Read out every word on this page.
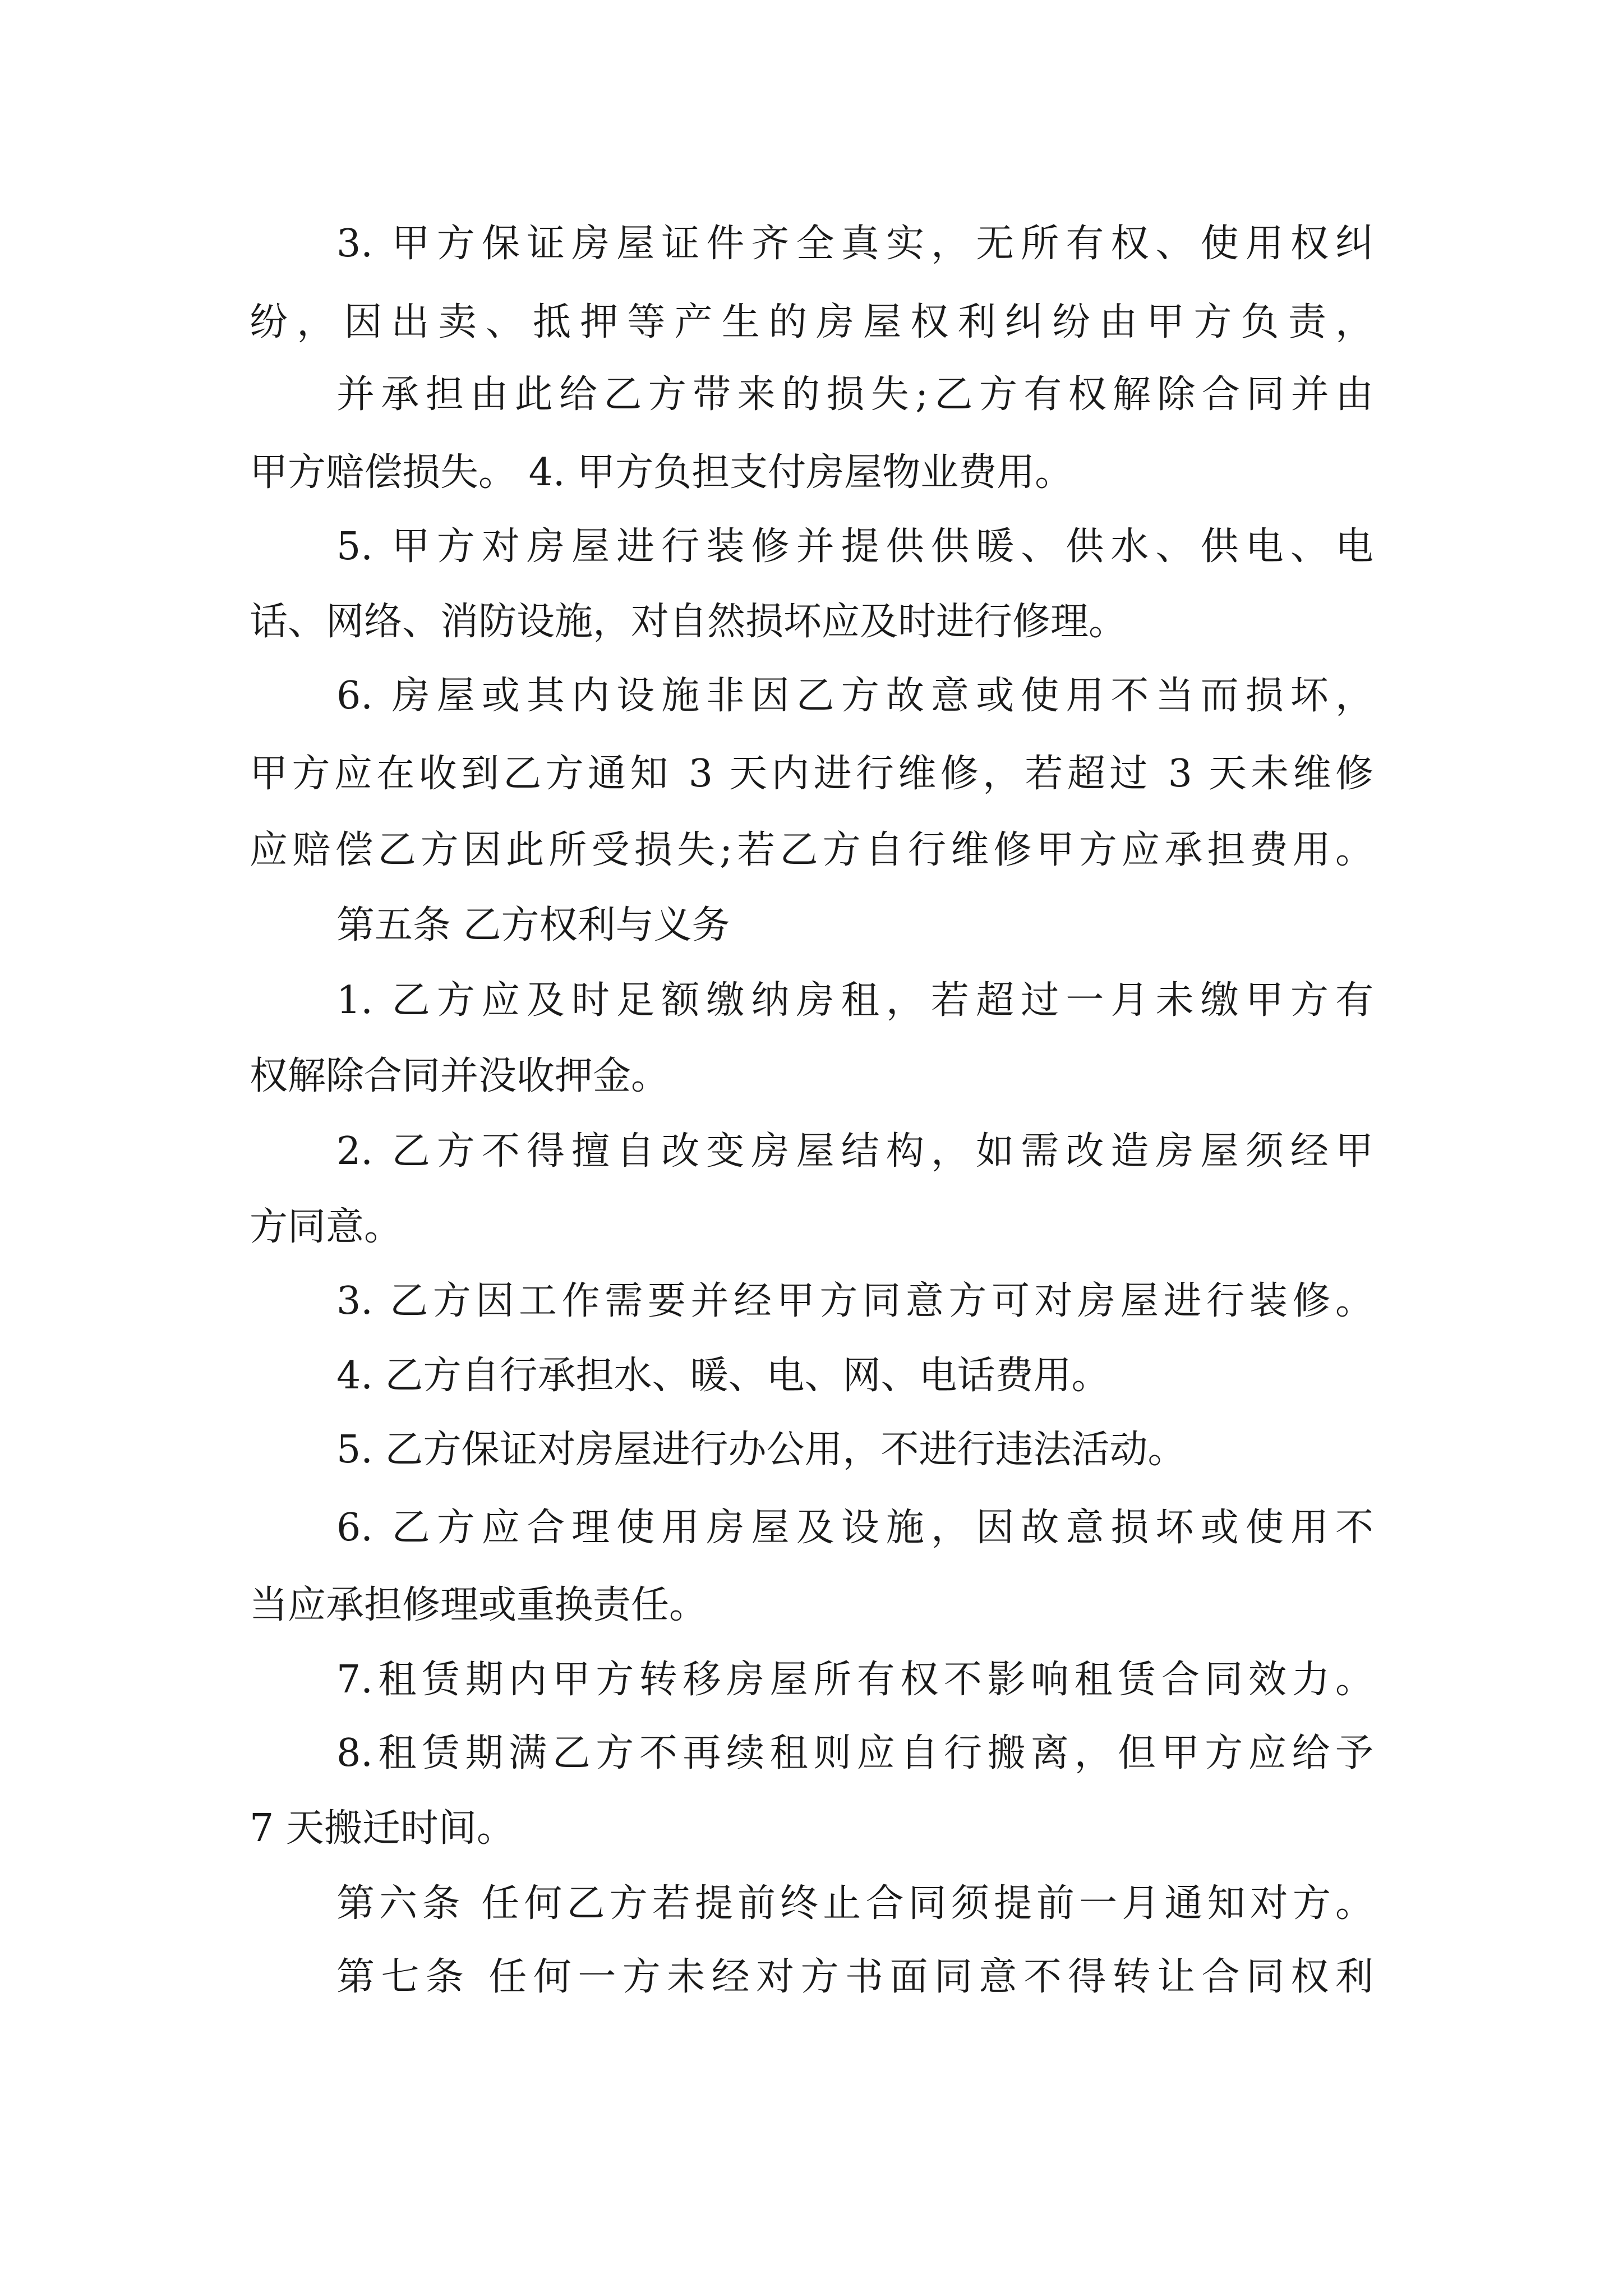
3. 甲方保证房屋证件齐全真实，无所有权、使用权纠

纷，因出卖、抵押等产生的房屋权利纠纷由甲方负责，

并承担由此给乙方带来的损失;乙方有权解除合同并由

甲方赔偿损失。 4. 甲方负担支付房屋物业费用。

5. 甲方对房屋进行装修并提供供暖、供水、供电、电

话、网络、消防设施，对自然损坏应及时进行修理。

6. 房屋或其内设施非因乙方故意或使用不当而损坏，

甲方应在收到乙方通知 3 天内进行维修，若超过 3 天未维修

应赔偿乙方因此所受损失;若乙方自行维修甲方应承担费用。

第五条 乙方权利与义务

1. 乙方应及时足额缴纳房租，若超过一月未缴甲方有

权解除合同并没收押金。

2. 乙方不得擅自改变房屋结构，如需改造房屋须经甲

方同意。

3. 乙方因工作需要并经甲方同意方可对房屋进行装修。

4. 乙方自行承担水、暖、电、网、电话费用。

5. 乙方保证对房屋进行办公用，不进行违法活动。

6. 乙方应合理使用房屋及设施，因故意损坏或使用不

当应承担修理或重换责任。

7.租赁期内甲方转移房屋所有权不影响租赁合同效力。

8.租赁期满乙方不再续租则应自行搬离，但甲方应给予

7 天搬迁时间。

第六条 任何乙方若提前终止合同须提前一月通知对方。

第七条 任何一方未经对方书面同意不得转让合同权利
